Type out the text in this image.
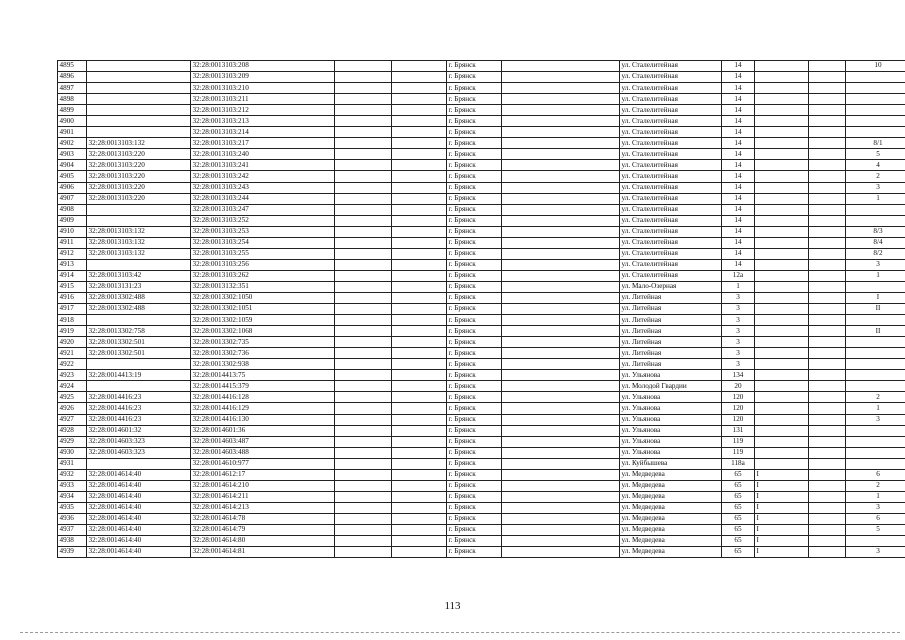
4895		32:28:0013103:208			г. Брянск		ул. Сталелитейная	14			10
4896		32:28:0013103:209			г. Брянск		ул. Сталелитейная	14			
4897		32:28:0013103:210			г. Брянск		ул. Сталелитейная	14			
4898		32:28:0013103:211			г. Брянск		ул. Сталелитейная	14			
4899		32:28:0013103:212			г. Брянск		ул. Сталелитейная	14			
4900		32:28:0013103:213			г. Брянск		ул. Сталелитейная	14			
4901		32:28:0013103:214			г. Брянск		ул. Сталелитейная	14			
4902	32:28:0013103:132	32:28:0013103:217			г. Брянск		ул. Сталелитейная	14			8/1
4903	32:28:0013103:220	32:28:0013103:240			г. Брянск		ул. Сталелитейная	14			5
4904	32:28:0013103:220	32:28:0013103:241			г. Брянск		ул. Сталелитейная	14			4
4905	32:28:0013103:220	32:28:0013103:242			г. Брянск		ул. Сталелитейная	14			2
4906	32:28:0013103:220	32:28:0013103:243			г. Брянск		ул. Сталелитейная	14			3
4907	32:28:0013103:220	32:28:0013103:244			г. Брянск		ул. Сталелитейная	14			1
4908		32:28:0013103:247			г. Брянск		ул. Сталелитейная	14			
4909		32:28:0013103:252			г. Брянск		ул. Сталелитейная	14			
4910	32:28:0013103:132	32:28:0013103:253			г. Брянск		ул. Сталелитейная	14			8/3
4911	32:28:0013103:132	32:28:0013103:254			г. Брянск		ул. Сталелитейная	14			8/4
4912	32:28:0013103:132	32:28:0013103:255			г. Брянск		ул. Сталелитейная	14			8/2
4913		32:28:0013103:256			г. Брянск		ул. Сталелитейная	14			3
4914	32:28:0013103:42	32:28:0013103:262			г. Брянск		ул. Сталелитейная	12а			1
4915	32:28:0013131:23	32:28:0013132:351			г. Брянск		ул. Мало-Озерная	1			
4916	32:28:0013302:488	32:28:0013302:1050			г. Брянск		ул. Литейная	3			I
4917	32:28:0013302:488	32:28:0013302:1051			г. Брянск		ул. Литейная	3			II
4918		32:28:0013302:1059			г. Брянск		ул. Литейная	3			
4919	32:28:0013302:758	32:28:0013302:1068			г. Брянск		ул. Литейная	3			II
4920	32:28:0013302:501	32:28:0013302:735			г. Брянск		ул. Литейная	3			
4921	32:28:0013302:501	32:28:0013302:736			г. Брянск		ул. Литейная	3			
4922		32:28:0013302:938			г. Брянск		ул. Литейная	3			
4923	32:28:0014413:19	32:28:0014413:75			г. Брянск		ул. Ульянова	134			
4924		32:28:0014415:379			г. Брянск		ул. Молодой Гвардии	20			
4925	32:28:0014416:23	32:28:0014416:128			г. Брянск		ул. Ульянова	120			2
4926	32:28:0014416:23	32:28:0014416:129			г. Брянск		ул. Ульянова	120			1
4927	32:28:0014416:23	32:28:0014416:130			г. Брянск		ул. Ульянова	120			3
4928	32:28:0014601:32	32:28:0014601:36			г. Брянск		ул. Ульянова	131			
4929	32:28:0014603:323	32:28:0014603:487			г. Брянск		ул. Ульянова	119			
4930	32:28:0014603:323	32:28:0014603:488			г. Брянск		ул. Ульянова	119			
4931		32:28:0014610:977			г. Брянск		ул. Куйбышева	118а			
4932	32:28:0014614:40	32:28:0014612:17			г. Брянск		ул. Медведева	65	I		6
4933	32:28:0014614:40	32:28:0014614:210			г. Брянск		ул. Медведева	65	I		2
4934	32:28:0014614:40	32:28:0014614:211			г. Брянск		ул. Медведева	65	I		1
4935	32:28:0014614:40	32:28:0014614:213			г. Брянск		ул. Медведева	65	I		3
4936	32:28:0014614:40	32:28:0014614:78			г. Брянск		ул. Медведева	65	I		6
4937	32:28:0014614:40	32:28:0014614:79			г. Брянск		ул. Медведева	65	I		5
4938	32:28:0014614:40	32:28:0014614:80			г. Брянск		ул. Медведева	65	I		
4939	32:28:0014614:40	32:28:0014614:81			г. Брянск		ул. Медведева	65	I		3
113
